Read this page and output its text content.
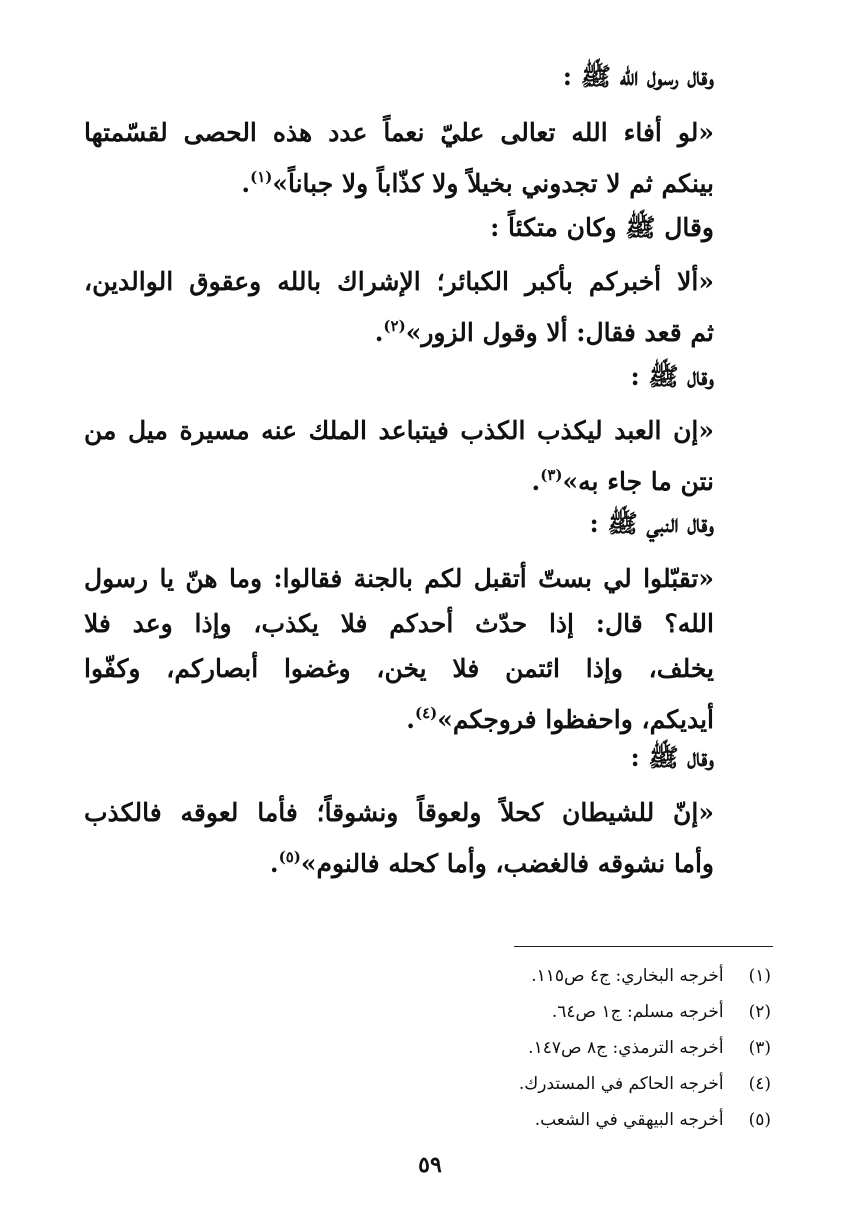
وقال رسول الله ﷺ :
«لو أفاء الله تعالى عليّ نعماً عدد هذه الحصى لقسّمتها
بينكم ثم لا تجدوني بخيلاً ولا كذّاباً ولا جباناً»$^{(١)}$.
وقال ﷺ وكان متكئاً :
«ألا أخبركم بأكبر الكبائر؛ الإشراك بالله وعقوق الوالدين،
ثم قعد فقال: ألا وقول الزور»$^{(٢)}$.
وقال ﷺ :
«إن العبد ليكذب الكذب فيتباعد الملك عنه مسيرة ميل من
نتن ما جاء به»$^{(٣)}$.
وقال النبي ﷺ :
«تقبّلوا لي بستّ أتقبل لكم بالجنة فقالوا: وما هنّ يا رسول
الله؟ قال: إذا حدّث أحدكم فلا يكذب، وإذا وعد فلا
يخلف، وإذا ائتمن فلا يخن، وغضوا أبصاركم، وكفّوا
أيديكم، واحفظوا فروجكم»$^{(٤)}$.
وقال ﷺ :
«إنّ للشيطان كحلاً ولعوقاً ونشوقاً؛ فأما لعوقه فالكذب
وأما نشوقه فالغضب، وأما كحله فالنوم»$^{(٥)}$.
(١) أخرجه البخاري: ج٤ ص١١٥.
(٢) أخرجه مسلم: ج١ ص٦٤.
(٣) أخرجه الترمذي: ج٨ ص١٤٧.
(٤) أخرجه الحاكم في المستدرك.
(٥) أخرجه البيهقي في الشعب.
٥٩
